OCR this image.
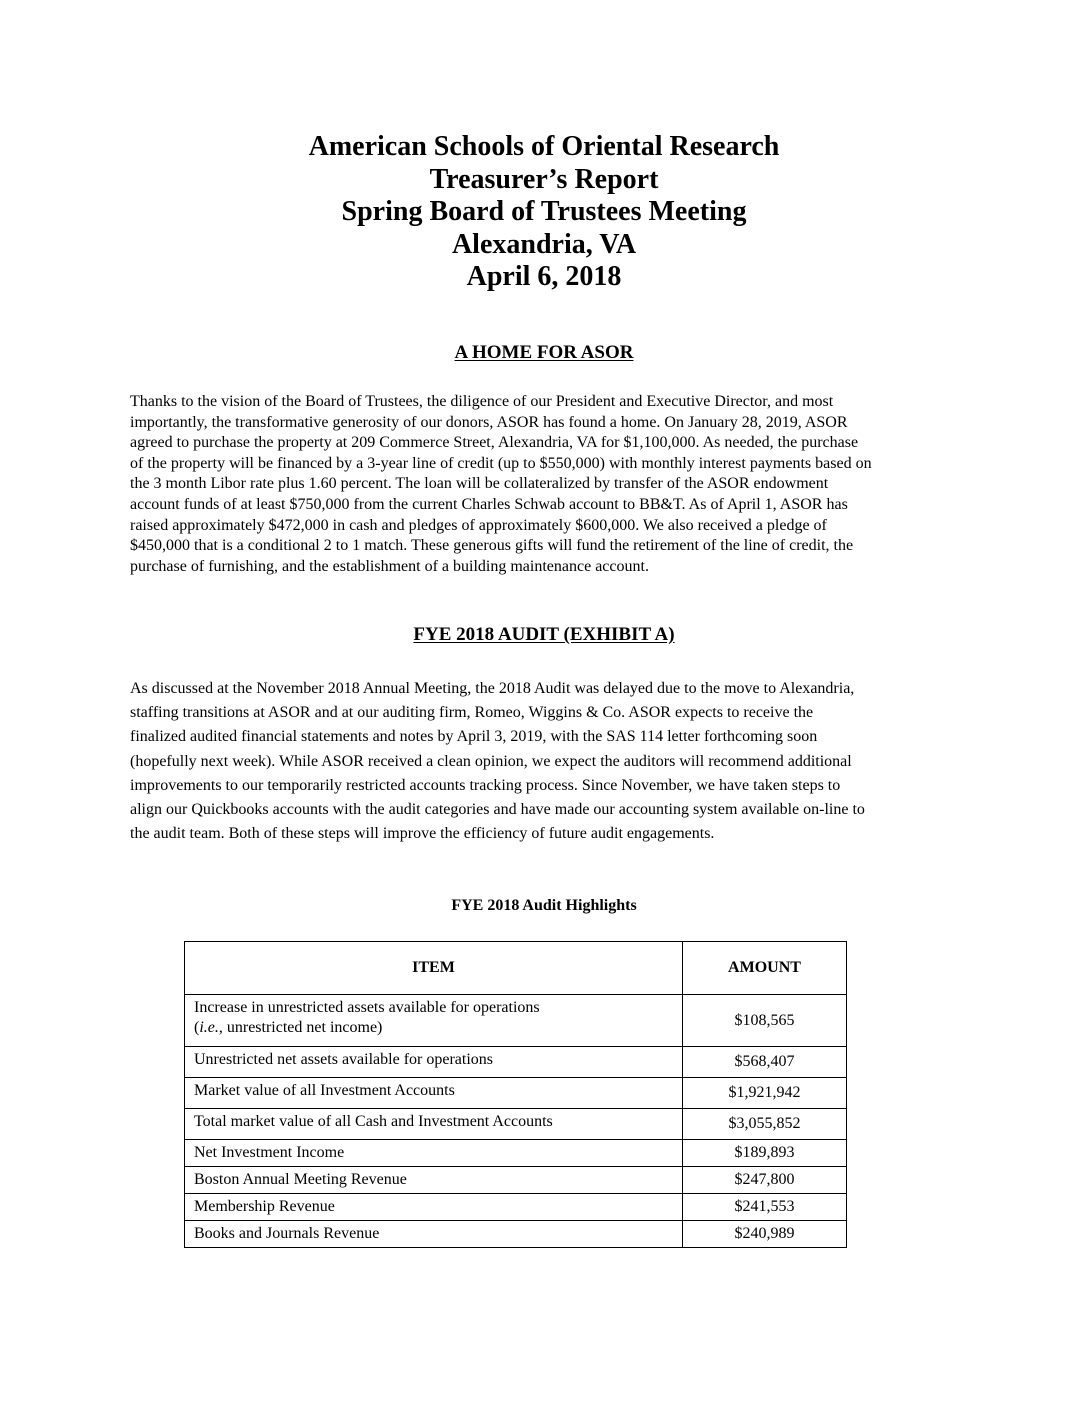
American Schools of Oriental Research
Treasurer’s Report
Spring Board of Trustees Meeting
Alexandria, VA
April 6, 2018
A HOME FOR ASOR
Thanks to the vision of the Board of Trustees, the diligence of our President and Executive Director, and most
importantly, the transformative generosity of our donors, ASOR has found a home. On January 28, 2019, ASOR
agreed to purchase the property at 209 Commerce Street, Alexandria, VA for $1,100,000. As needed, the purchase
of the property will be financed by a 3-year line of credit (up to $550,000) with monthly interest payments based on
the 3 month Libor rate plus 1.60 percent. The loan will be collateralized by transfer of the ASOR endowment
account funds of at least $750,000 from the current Charles Schwab account to BB&T. As of April 1, ASOR has
raised approximately $472,000 in cash and pledges of approximately $600,000. We also received a pledge of
$450,000 that is a conditional 2 to 1 match. These generous gifts will fund the retirement of the line of credit, the
purchase of furnishing, and the establishment of a building maintenance account.
FYE 2018 AUDIT (EXHIBIT A)
As discussed at the November 2018 Annual Meeting, the 2018 Audit was delayed due to the move to Alexandria,
staffing transitions at ASOR and at our auditing firm, Romeo, Wiggins & Co. ASOR expects to receive the
finalized audited financial statements and notes by April 3, 2019, with the SAS 114 letter forthcoming soon
(hopefully next week). While ASOR received a clean opinion, we expect the auditors will recommend additional
improvements to our temporarily restricted accounts tracking process. Since November, we have taken steps to
align our Quickbooks accounts with the audit categories and have made our accounting system available on-line to
the audit team. Both of these steps will improve the efficiency of future audit engagements.
FYE 2018 Audit Highlights
ITEM	AMOUNT

Increase in unrestricted assets available for operations
(i.e., unrestricted net income)	$108,565
Unrestricted net assets available for operations	$568,407
Market value of all Investment Accounts	$1,921,942
Total market value of all Cash and Investment Accounts	$3,055,852
Net Investment Income	$189,893
Boston Annual Meeting Revenue	$247,800
Membership Revenue	$241,553
Books and Journals Revenue	$240,989
